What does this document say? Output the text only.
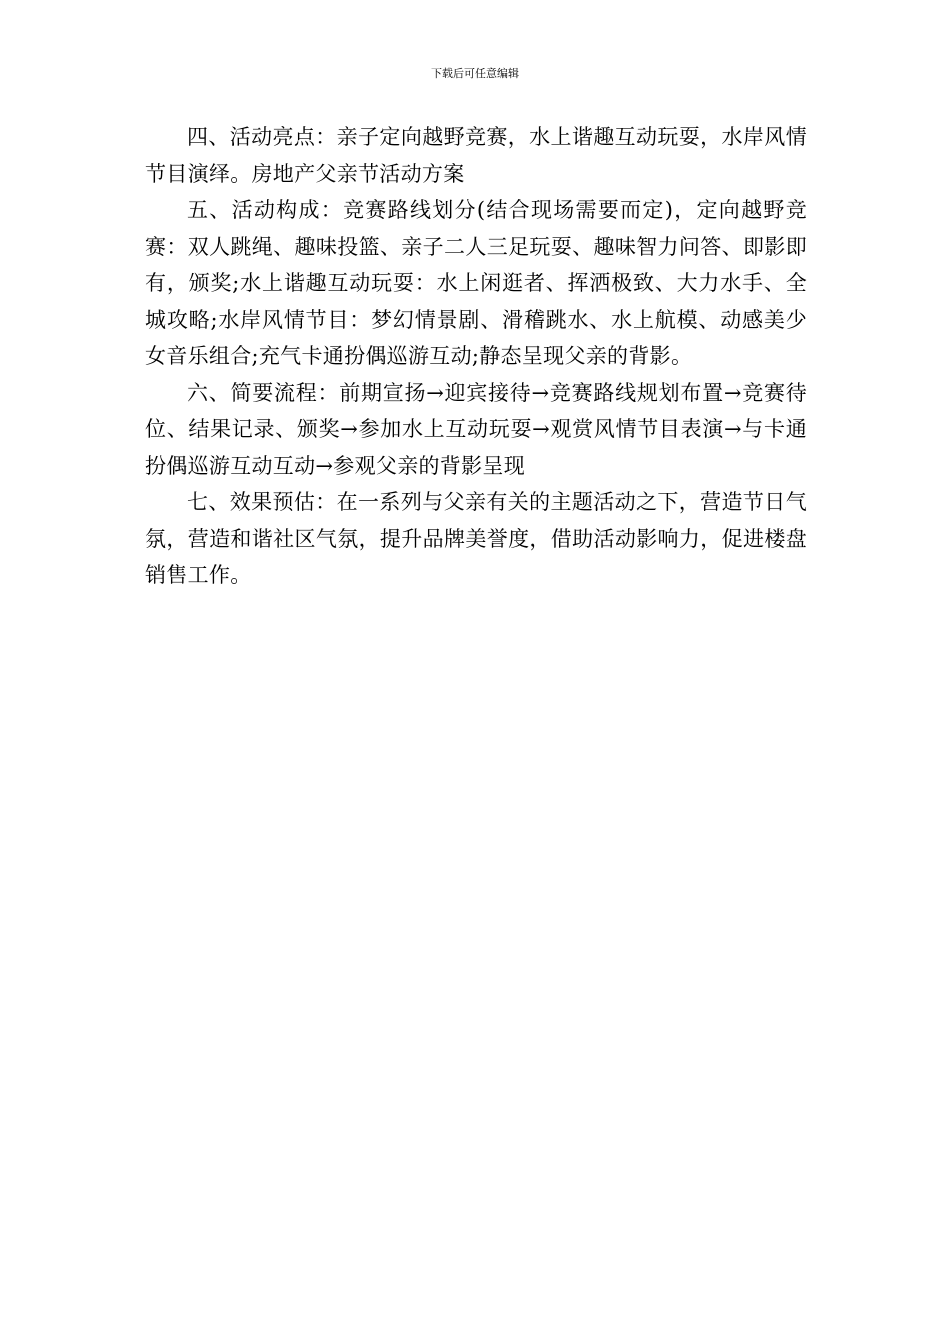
下载后可任意编辑

四、活动亮点：亲子定向越野竞赛，水上谐趣互动玩耍，水岸风情节目演绎。房地产父亲节活动方案

五、活动构成：竞赛路线划分(结合现场需要而定)，定向越野竞赛：双人跳绳、趣味投篮、亲子二人三足玩耍、趣味智力问答、即影即有，颁奖;水上谐趣互动玩耍：水上闲逛者、挥洒极致、大力水手、全城攻略;水岸风情节目：梦幻情景剧、滑稽跳水、水上航模、动感美少女音乐组合;充气卡通扮偶巡游互动;静态呈现父亲的背影。

六、简要流程：前期宣扬→迎宾接待→竞赛路线规划布置→竞赛待位、结果记录、颁奖→参加水上互动玩耍→观赏风情节目表演→与卡通扮偶巡游互动互动→参观父亲的背影呈现

七、效果预估：在一系列与父亲有关的主题活动之下，营造节日气氛，营造和谐社区气氛，提升品牌美誉度，借助活动影响力，促进楼盘销售工作。
